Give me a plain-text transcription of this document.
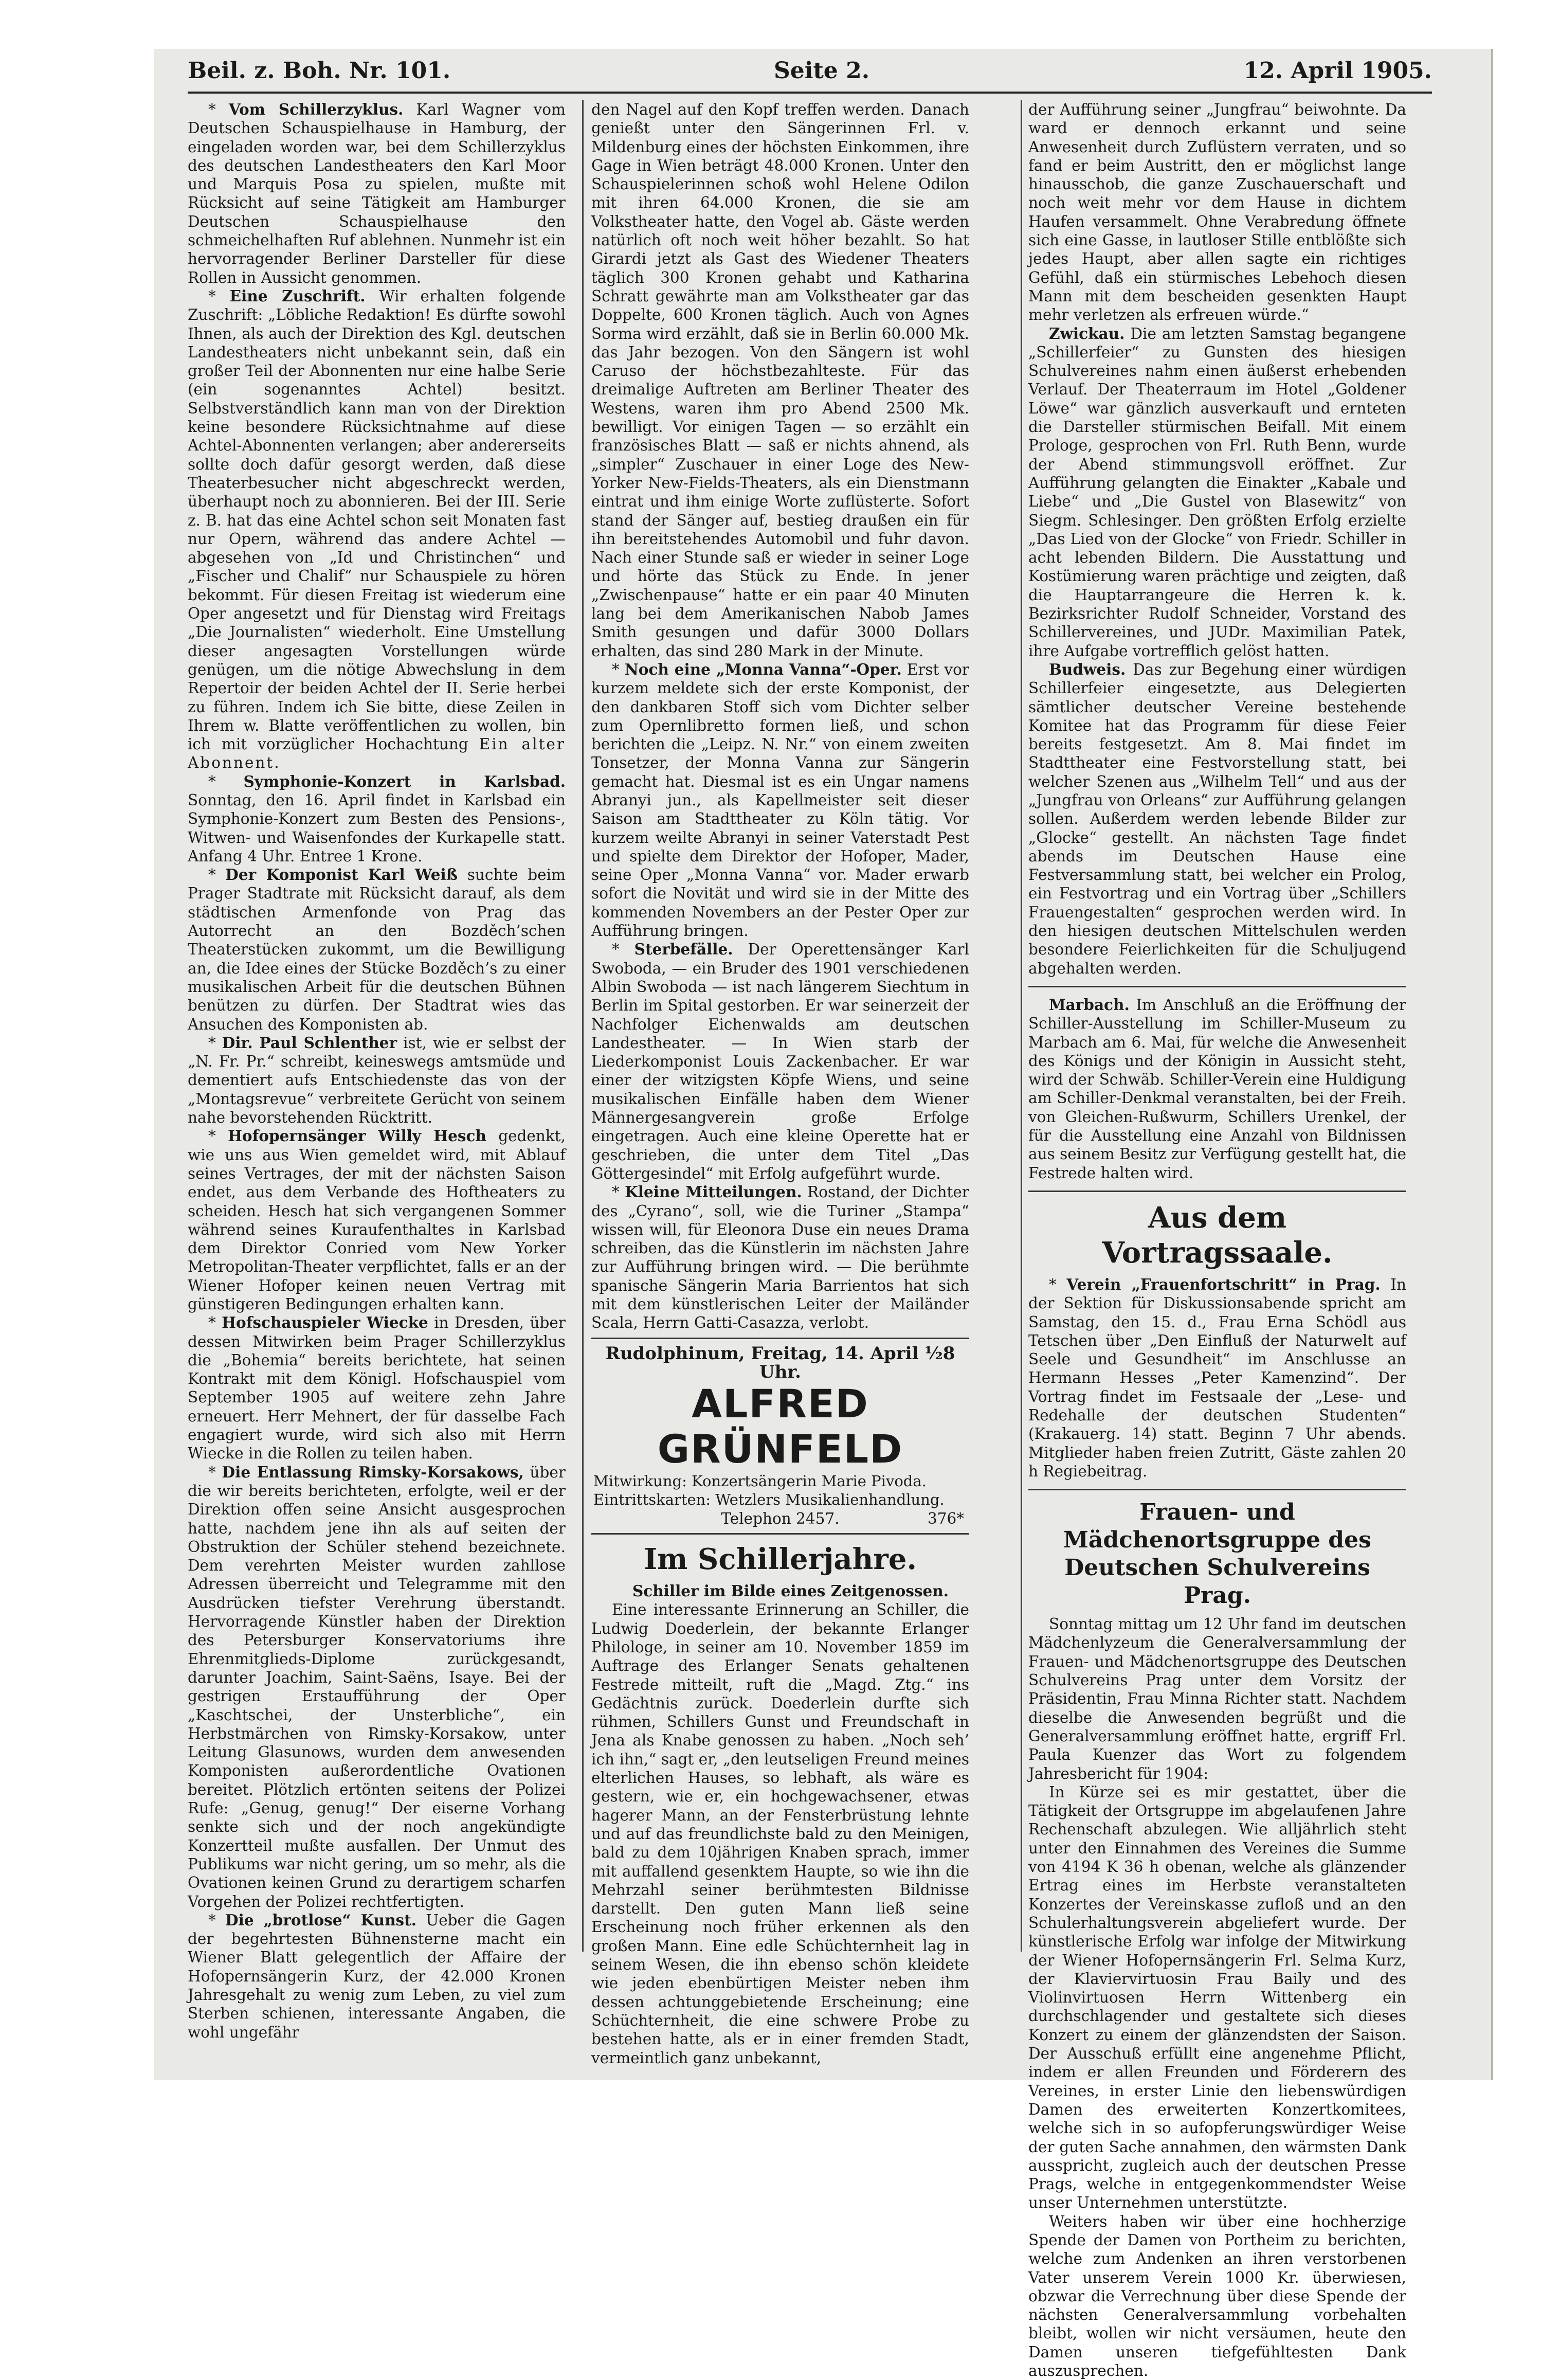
Beil. z. Boh. Nr. 101.	Seite 2.	12. April 1905.

* Vom Schillerzyklus. Karl Wagner vom Deutschen Schauspielhause in Hamburg, der eingeladen worden war, bei dem Schillerzyklus des deutschen Landestheaters den Karl Moor und Marquis Posa zu spielen, mußte mit Rücksicht auf seine Tätigkeit am Hamburger Deutschen Schauspielhause den schmeichelhaften Ruf ablehnen. Nunmehr ist ein hervorragender Berliner Darsteller für diese Rollen in Aussicht genommen.

* Eine Zuschrift. Wir erhalten folgende Zuschrift: „Löbliche Redaktion! Es dürfte sowohl Ihnen, als auch der Direktion des Kgl. deutschen Landestheaters nicht unbekannt sein, daß ein großer Teil der Abonnenten nur eine halbe Serie (ein sogenanntes Achtel) besitzt. Selbstverständlich kann man von der Direktion keine besondere Rücksichtnahme auf diese Achtel-Abonnenten verlangen; aber andererseits sollte doch dafür gesorgt werden, daß diese Theaterbesucher nicht abgeschreckt werden, überhaupt noch zu abonnieren. Bei der III. Serie z. B. hat das eine Achtel schon seit Monaten fast nur Opern, während das andere Achtel — abgesehen von „Id und Christinchen“ und „Fischer und Chalif“ nur Schauspiele zu hören bekommt. Für diesen Freitag ist wiederum eine Oper angesetzt und für Dienstag wird Freitags „Die Journalisten“ wiederholt. Eine Umstellung dieser angesagten Vorstellungen würde genügen, um die nötige Abwechslung in dem Repertoir der beiden Achtel der II. Serie herbei zu führen. Indem ich Sie bitte, diese Zeilen in Ihrem w. Blatte veröffentlichen zu wollen, bin ich mit vorzüglicher Hochachtung Ein alter Abonnent.

* Symphonie-Konzert in Karlsbad. Sonntag, den 16. April findet in Karlsbad ein Symphonie-Konzert zum Besten des Pensions-, Witwen- und Waisenfondes der Kurkapelle statt. Anfang 4 Uhr. Entree 1 Krone.

* Der Komponist Karl Weiß suchte beim Prager Stadtrate mit Rücksicht darauf, als dem städtischen Armenfonde von Prag das Autorrecht an den Bozděch’schen Theaterstücken zukommt, um die Bewilligung an, die Idee eines der Stücke Bozděch’s zu einer musikalischen Arbeit für die deutschen Bühnen benützen zu dürfen. Der Stadtrat wies das Ansuchen des Komponisten ab.

* Dir. Paul Schlenther ist, wie er selbst der „N. Fr. Pr.“ schreibt, keineswegs amtsmüde und dementiert aufs Entschiedenste das von der „Montagsrevue“ verbreitete Gerücht von seinem nahe bevorstehenden Rücktritt.

* Hofopernsänger Willy Hesch gedenkt, wie uns aus Wien gemeldet wird, mit Ablauf seines Vertrages, der mit der nächsten Saison endet, aus dem Verbande des Hoftheaters zu scheiden. Hesch hat sich vergangenen Sommer während seines Kuraufenthaltes in Karlsbad dem Direktor Conried vom New Yorker Metropolitan-Theater verpflichtet, falls er an der Wiener Hofoper keinen neuen Vertrag mit günstigeren Bedingungen erhalten kann.

* Hofschauspieler Wiecke in Dresden, über dessen Mitwirken beim Prager Schillerzyklus die „Bohemia“ bereits berichtete, hat seinen Kontrakt mit dem Königl. Hofschauspiel vom September 1905 auf weitere zehn Jahre erneuert. Herr Mehnert, der für dasselbe Fach engagiert wurde, wird sich also mit Herrn Wiecke in die Rollen zu teilen haben.

* Die Entlassung Rimsky-Korsakows, über die wir bereits berichteten, erfolgte, weil er der Direktion offen seine Ansicht ausgesprochen hatte, nachdem jene ihn als auf seiten der Obstruktion der Schüler stehend bezeichnete. Dem verehrten Meister wurden zahllose Adressen überreicht und Telegramme mit den Ausdrücken tiefster Verehrung überstandt. Hervorragende Künstler haben der Direktion des Petersburger Konservatoriums ihre Ehrenmitglieds-Diplome zurückgesandt, darunter Joachim, Saint-Saëns, Isaye. Bei der gestrigen Erstaufführung der Oper „Kaschtschei, der Unsterbliche“, ein Herbstmärchen von Rimsky-Korsakow, unter Leitung Glasunows, wurden dem anwesenden Komponisten außerordentliche Ovationen bereitet. Plötzlich ertönten seitens der Polizei Rufe: „Genug, genug!“ Der eiserne Vorhang senkte sich und der noch angekündigte Konzertteil mußte ausfallen. Der Unmut des Publikums war nicht gering, um so mehr, als die Ovationen keinen Grund zu derartigem scharfen Vorgehen der Polizei rechtfertigten.

* Die „brotlose“ Kunst. Ueber die Gagen der begehrtesten Bühnensterne macht ein Wiener Blatt gelegentlich der Affaire der Hofopernsängerin Kurz, der 42.000 Kronen Jahresgehalt zu wenig zum Leben, zu viel zum Sterben schienen, interessante Angaben, die wohl ungefähr

den Nagel auf den Kopf treffen werden. Danach genießt unter den Sängerinnen Frl. v. Mildenburg eines der höchsten Einkommen, ihre Gage in Wien beträgt 48.000 Kronen. Unter den Schauspielerinnen schoß wohl Helene Odilon mit ihren 64.000 Kronen, die sie am Volkstheater hatte, den Vogel ab. Gäste werden natürlich oft noch weit höher bezahlt. So hat Girardi jetzt als Gast des Wiedener Theaters täglich 300 Kronen gehabt und Katharina Schratt gewährte man am Volkstheater gar das Doppelte, 600 Kronen täglich. Auch von Agnes Sorma wird erzählt, daß sie in Berlin 60.000 Mk. das Jahr bezogen. Von den Sängern ist wohl Caruso der höchstbezahlteste. Für das dreimalige Auftreten am Berliner Theater des Westens, waren ihm pro Abend 2500 Mk. bewilligt. Vor einigen Tagen — so erzählt ein französisches Blatt — saß er nichts ahnend, als „simpler“ Zuschauer in einer Loge des New-Yorker New-Fields-Theaters, als ein Dienstmann eintrat und ihm einige Worte zuflüsterte. Sofort stand der Sänger auf, bestieg draußen ein für ihn bereitstehendes Automobil und fuhr davon. Nach einer Stunde saß er wieder in seiner Loge und hörte das Stück zu Ende. In jener „Zwischenpause“ hatte er ein paar 40 Minuten lang bei dem Amerikanischen Nabob James Smith gesungen und dafür 3000 Dollars erhalten, das sind 280 Mark in der Minute.

* Noch eine „Monna Vanna“-Oper. Erst vor kurzem meldete sich der erste Komponist, der den dankbaren Stoff sich vom Dichter selber zum Opernlibretto formen ließ, und schon berichten die „Leipz. N. Nr.“ von einem zweiten Tonsetzer, der Monna Vanna zur Sängerin gemacht hat. Diesmal ist es ein Ungar namens Abranyi jun., als Kapellmeister seit dieser Saison am Stadttheater zu Köln tätig. Vor kurzem weilte Abranyi in seiner Vaterstadt Pest und spielte dem Direktor der Hofoper, Mader, seine Oper „Monna Vanna“ vor. Mader erwarb sofort die Novität und wird sie in der Mitte des kommenden Novembers an der Pester Oper zur Aufführung bringen.

* Sterbefälle. Der Operettensänger Karl Swoboda, — ein Bruder des 1901 verschiedenen Albin Swoboda — ist nach längerem Siechtum in Berlin im Spital gestorben. Er war seinerzeit der Nachfolger Eichenwalds am deutschen Landestheater. — In Wien starb der Liederkomponist Louis Zackenbacher. Er war einer der witzigsten Köpfe Wiens, und seine musikalischen Einfälle haben dem Wiener Männergesangverein große Erfolge eingetragen. Auch eine kleine Operette hat er geschrieben, die unter dem Titel „Das Göttergesindel“ mit Erfolg aufgeführt wurde.

* Kleine Mitteilungen. Rostand, der Dichter des „Cyrano“, soll, wie die Turiner „Stampa“ wissen will, für Eleonora Duse ein neues Drama schreiben, das die Künstlerin im nächsten Jahre zur Aufführung bringen wird. — Die berühmte spanische Sängerin Maria Barrientos hat sich mit dem künstlerischen Leiter der Mailänder Scala, Herrn Gatti-Casazza, verlobt.

Rudolphinum, Freitag, 14. April ½8 Uhr.
ALFRED GRÜNFELD
Mitwirkung: Konzertsängerin Marie Pivoda.
Eintrittskarten: Wetzlers Musikalienhandlung.
Telephon 2457.	376*
Im Schillerjahre.

Schiller im Bilde eines Zeitgenossen.

Eine interessante Erinnerung an Schiller, die Ludwig Doederlein, der bekannte Erlanger Philologe, in seiner am 10. November 1859 im Auftrage des Erlanger Senats gehaltenen Festrede mitteilt, ruft die „Magd. Ztg.“ ins Gedächtnis zurück. Doederlein durfte sich rühmen, Schillers Gunst und Freundschaft in Jena als Knabe genossen zu haben. „Noch seh’ ich ihn,“ sagt er, „den leutseligen Freund meines elterlichen Hauses, so lebhaft, als wäre es gestern, wie er, ein hochgewachsener, etwas hagerer Mann, an der Fensterbrüstung lehnte und auf das freundlichste bald zu den Meinigen, bald zu dem 10jährigen Knaben sprach, immer mit auffallend gesenktem Haupte, so wie ihn die Mehrzahl seiner berühmtesten Bildnisse darstellt. Den guten Mann ließ seine Erscheinung noch früher erkennen als den großen Mann. Eine edle Schüchternheit lag in seinem Wesen, die ihn ebenso schön kleidete wie jeden ebenbürtigen Meister neben ihm dessen achtunggebietende Erscheinung; eine Schüchternheit, die eine schwere Probe zu bestehen hatte, als er in einer fremden Stadt, vermeintlich ganz unbekannt,

der Aufführung seiner „Jungfrau“ beiwohnte. Da ward er dennoch erkannt und seine Anwesenheit durch Zuflüstern verraten, und so fand er beim Austritt, den er möglichst lange hinausschob, die ganze Zuschauerschaft und noch weit mehr vor dem Hause in dichtem Haufen versammelt. Ohne Verabredung öffnete sich eine Gasse, in lautloser Stille entblößte sich jedes Haupt, aber allen sagte ein richtiges Gefühl, daß ein stürmisches Lebehoch diesen Mann mit dem bescheiden gesenkten Haupt mehr verletzen als erfreuen würde.“

Zwickau. Die am letzten Samstag begangene „Schillerfeier“ zu Gunsten des hiesigen Schulvereines nahm einen äußerst erhebenden Verlauf. Der Theaterraum im Hotel „Goldener Löwe“ war gänzlich ausverkauft und ernteten die Darsteller stürmischen Beifall. Mit einem Prologe, gesprochen von Frl. Ruth Benn, wurde der Abend stimmungsvoll eröffnet. Zur Aufführung gelangten die Einakter „Kabale und Liebe“ und „Die Gustel von Blasewitz“ von Siegm. Schlesinger. Den größten Erfolg erzielte „Das Lied von der Glocke“ von Friedr. Schiller in acht lebenden Bildern. Die Ausstattung und Kostümierung waren prächtige und zeigten, daß die Hauptarrangeure die Herren k. k. Bezirksrichter Rudolf Schneider, Vorstand des Schillervereines, und JUDr. Maximilian Patek, ihre Aufgabe vortrefflich gelöst hatten.

Budweis. Das zur Begehung einer würdigen Schillerfeier eingesetzte, aus Delegierten sämtlicher deutscher Vereine bestehende Komitee hat das Programm für diese Feier bereits festgesetzt. Am 8. Mai findet im Stadttheater eine Festvorstellung statt, bei welcher Szenen aus „Wilhelm Tell“ und aus der „Jungfrau von Orleans“ zur Aufführung gelangen sollen. Außerdem werden lebende Bilder zur „Glocke“ gestellt. An nächsten Tage findet abends im Deutschen Hause eine Festversammlung statt, bei welcher ein Prolog, ein Festvortrag und ein Vortrag über „Schillers Frauengestalten“ gesprochen werden wird. In den hiesigen deutschen Mittelschulen werden besondere Feierlichkeiten für die Schuljugend abgehalten werden.

Marbach. Im Anschluß an die Eröffnung der Schiller-Ausstellung im Schiller-Museum zu Marbach am 6. Mai, für welche die Anwesenheit des Königs und der Königin in Aussicht steht, wird der Schwäb. Schiller-Verein eine Huldigung am Schiller-Denkmal veranstalten, bei der Freih. von Gleichen-Rußwurm, Schillers Urenkel, der für die Ausstellung eine Anzahl von Bildnissen aus seinem Besitz zur Verfügung gestellt hat, die Festrede halten wird.

Aus dem Vortragssaale.

* Verein „Frauenfortschritt“ in Prag. In der Sektion für Diskussionsabende spricht am Samstag, den 15. d., Frau Erna Schödl aus Tetschen über „Den Einfluß der Naturwelt auf Seele und Gesundheit“ im Anschlusse an Hermann Hesses „Peter Kamenzind“. Der Vortrag findet im Festsaale der „Lese- und Redehalle der deutschen Studenten“ (Krakauerg. 14) statt. Beginn 7 Uhr abends. Mitglieder haben freien Zutritt, Gäste zahlen 20 h Regiebeitrag.

Frauen- und Mädchenortsgruppe des Deutschen Schulvereins Prag.

Sonntag mittag um 12 Uhr fand im deutschen Mädchenlyzeum die Generalversammlung der Frauen- und Mädchenortsgruppe des Deutschen Schulvereins Prag unter dem Vorsitz der Präsidentin, Frau Minna Richter statt. Nachdem dieselbe die Anwesenden begrüßt und die Generalversammlung eröffnet hatte, ergriff Frl. Paula Kuenzer das Wort zu folgendem Jahresbericht für 1904:

In Kürze sei es mir gestattet, über die Tätigkeit der Ortsgruppe im abgelaufenen Jahre Rechenschaft abzulegen. Wie alljährlich steht unter den Einnahmen des Vereines die Summe von 4194 K 36 h obenan, welche als glänzender Ertrag eines im Herbste veranstalteten Konzertes der Vereinskasse zufloß und an den Schulerhaltungsverein abgeliefert wurde. Der künstlerische Erfolg war infolge der Mitwirkung der Wiener Hofopernsängerin Frl. Selma Kurz, der Klaviervirtuosin Frau Baily und des Violinvirtuosen Herrn Wittenberg ein durchschlagender und gestaltete sich dieses Konzert zu einem der glänzendsten der Saison. Der Ausschuß erfüllt eine angenehme Pflicht, indem er allen Freunden und Förderern des Vereines, in erster Linie den liebenswürdigen Damen des erweiterten Konzertkomitees, welche sich in so aufopferungswürdiger Weise der guten Sache annahmen, den wärmsten Dank ausspricht, zugleich auch der deutschen Presse Prags, welche in entgegenkommendster Weise unser Unternehmen unterstützte.

Weiters haben wir über eine hochherzige Spende der Damen von Portheim zu berichten, welche zum Andenken an ihren verstorbenen Vater unserem Verein 1000 Kr. überwiesen, obzwar die Verrechnung über diese Spende der nächsten Generalversammlung vorbehalten bleibt, wollen wir nicht versäumen, heute den Damen unseren tiefgefühltesten Dank auszusprechen.
